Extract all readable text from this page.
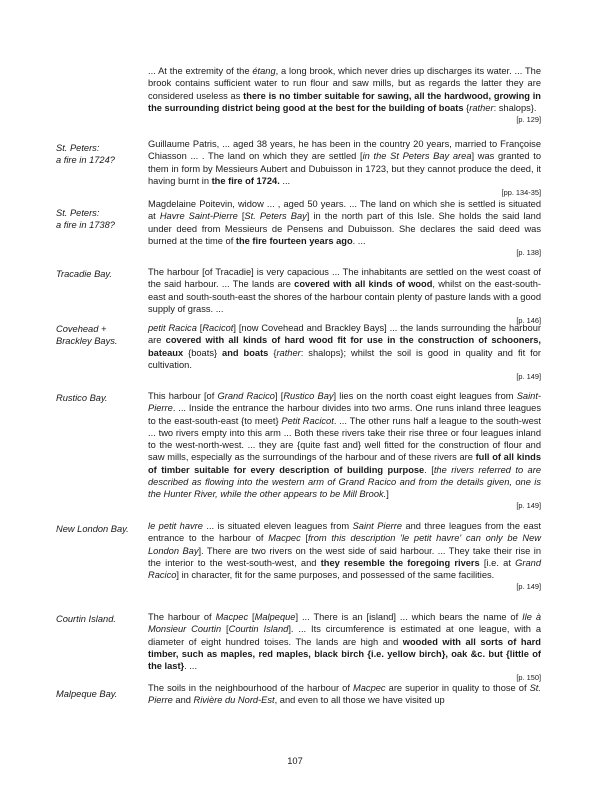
[p. 129]
... At the extremity of the étang, a long brook, which never dries up discharges its water. ... The brook contains sufficient water to run flour and saw mills, but as regards the latter they are considered useless as there is no timber suitable for sawing, all the hardwood, growing in the surrounding district being good at the best for the building of boats {rather: shalops}.
St. Peters:
a fire in 1724?
[pp. 134-35]
Guillaume Patris, ... aged 38 years, he has been in the country 20 years, married to Françoise Chiasson ... . The land on which they are settled [in the St Peters Bay area] was granted to them in form by Messieurs Aubert and Dubuisson in 1723, but they cannot produce the deed, it having burnt in the fire of 1724. ...
St. Peters:
a fire in 1738?
[p. 138]
Magdelaine Poitevin, widow ... , aged 50 years. ... The land on which she is settled is situated at Havre Saint-Pierre [St. Peters Bay] in the north part of this Isle. She holds the said land under deed from Messieurs de Pensens and Dubuisson. She declares the said deed was burned at the time of the fire fourteen years ago. ...
Tracadie Bay.
[p. 146]
The harbour [of Tracadie] is very capacious ... The inhabitants are settled on the west coast of the said harbour. ... The lands are covered with all kinds of wood, whilst on the east-south-east and south-south-east the shores of the harbour contain plenty of pasture lands with a good supply of grass. ...
Covehead +
Brackley Bays.
[p. 149]
petit Racica [Racicot] [now Covehead and Brackley Bays] ... the lands surrounding the harbour are covered with all kinds of hard wood fit for use in the construction of schooners, bateaux {boats} and boats {rather: shalops}; whilst the soil is good in quality and fit for cultivation.
Rustico Bay.
[p. 149]
This harbour [of Grand Racico] [Rustico Bay] lies on the north coast eight leagues from Saint-Pierre. ... Inside the entrance the harbour divides into two arms. One runs inland three leagues to the east-south-east {to meet} Petit Racicot. ... The other runs half a league to the south-west ... two rivers empty into this arm ... Both these rivers take their rise three or four leagues inland to the west-north-west. ... they are {quite fast and} well fitted for the construction of flour and saw mills, especially as the surroundings of the harbour and of these rivers are full of all kinds of timber suitable for every description of building purpose. [the rivers referred to are described as flowing into the western arm of Grand Racico and from the details given, one is the Hunter River, while the other appears to be Mill Brook.]
New London Bay.
[p. 149]
le petit havre ... is situated eleven leagues from Saint Pierre and three leagues from the east entrance to the harbour of Macpec [from this description 'le petit havre' can only be New London Bay]. There are two rivers on the west side of said harbour. ... They take their rise in the interior to the west-south-west, and they resemble the foregoing rivers [i.e. at Grand Racico] in character, fit for the same purposes, and possessed of the same facilities.
Courtin Island.
[p. 150]
The harbour of Macpec [Malpeque] ... There is an [island] ... which bears the name of Ile à Monsieur Courtin [Courtin Island]. ... Its circumference is estimated at one league, with a diameter of eight hundred toises. The lands are high and wooded with all sorts of hard timber, such as maples, red maples, black birch {i.e. yellow birch}, oak &c. but {little of the last}. ...
Malpeque Bay.
The soils in the neighbourhood of the harbour of Macpec are superior in quality to those of St. Pierre and Rivière du Nord-Est, and even to all those we have visited up
107
